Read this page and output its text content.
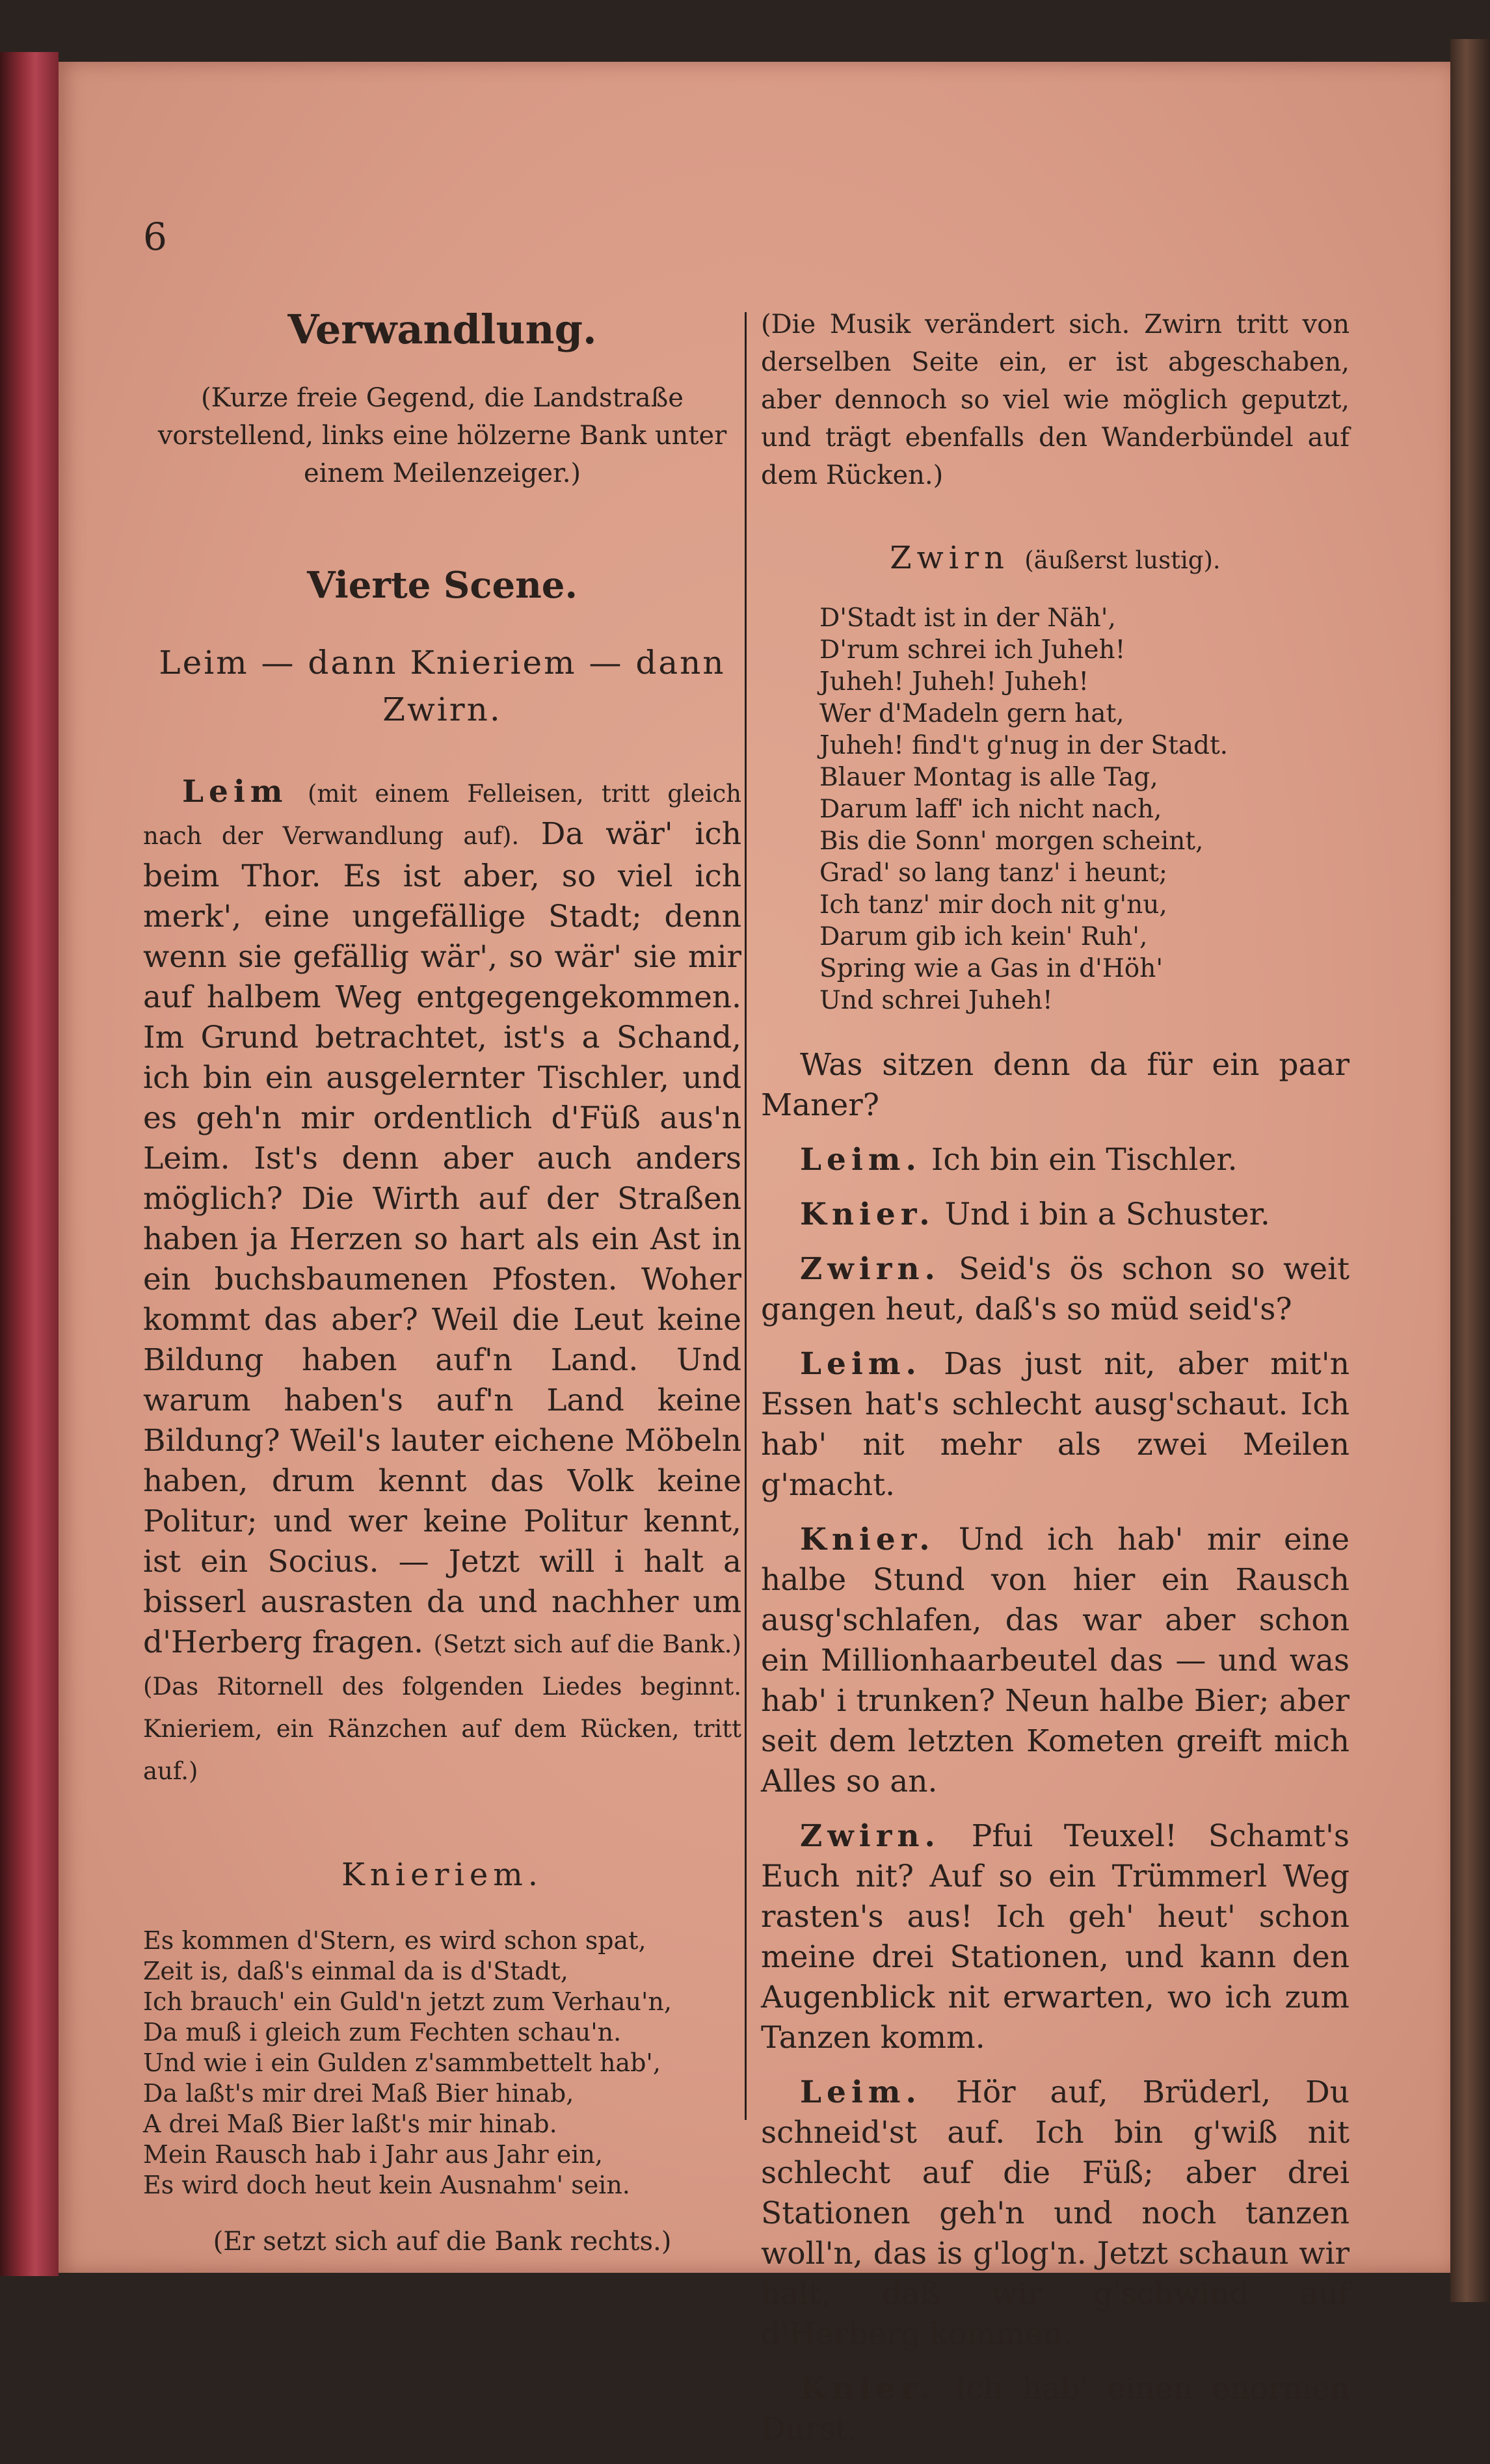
6
Verwandlung.

(Kurze freie Gegend, die Landstraße vorstellend, links eine hölzerne Bank unter einem Meilenzeiger.)

Vierte Scene.

Leim — dann Knieriem — dann Zwirn.

Leim (mit einem Felleisen, tritt gleich nach der Verwandlung auf). Da wär' ich beim Thor. Es ist aber, so viel ich merk', eine ungefällige Stadt; denn wenn sie gefällig wär', so wär' sie mir auf halbem Weg entgegengekommen. Im Grund betrachtet, ist's a Schand, ich bin ein ausgelernter Tischler, und es geh'n mir ordentlich d'Füß aus'n Leim. Ist's denn aber auch anders möglich? Die Wirth auf der Straßen haben ja Herzen so hart als ein Ast in ein buchsbaumenen Pfosten. Woher kommt das aber? Weil die Leut keine Bildung haben auf'n Land. Und warum haben's auf'n Land keine Bildung? Weil's lauter eichene Möbeln haben, drum kennt das Volk keine Politur; und wer keine Politur kennt, ist ein Socius. — Jetzt will i halt a bisserl ausrasten da und nachher um d'Herberg fragen. (Setzt sich auf die Bank.) (Das Ritornell des folgenden Liedes beginnt. Knieriem, ein Ränzchen auf dem Rücken, tritt auf.)

Knieriem.
Es kommen d'Stern, es wird schon spat,
Zeit is, daß's einmal da is d'Stadt,
Ich brauch' ein Guld'n jetzt zum Verhau'n,
Da muß i gleich zum Fechten schau'n.
Und wie i ein Gulden z'sammbettelt hab',
Da laßt's mir drei Maß Bier hinab,
A drei Maß Bier laßt's mir hinab.
Mein Rausch hab i Jahr aus Jahr ein,
Es wird doch heut kein Ausnahm' sein.
(Er setzt sich auf die Bank rechts.)

(Die Musik verändert sich. Zwirn tritt von derselben Seite ein, er ist abgeschaben, aber dennoch so viel wie möglich geputzt, und trägt ebenfalls den Wanderbündel auf dem Rücken.)

Zwirn (äußerst lustig).
D'Stadt ist in der Näh',
D'rum schrei ich Juheh!
Juheh! Juheh! Juheh!
Wer d'Madeln gern hat,
Juheh! find't g'nug in der Stadt.
Blauer Montag is alle Tag,
Darum laff' ich nicht nach,
Bis die Sonn' morgen scheint,
Grad' so lang tanz' i heunt;
Ich tanz' mir doch nit g'nu,
Darum gib ich kein' Ruh',
Spring wie a Gas in d'Höh'
Und schrei Juheh!

Was sitzen denn da für ein paar Maner?

Leim. Ich bin ein Tischler.

Knier. Und i bin a Schuster.

Zwirn. Seid's ös schon so weit gangen heut, daß's so müd seid's?

Leim. Das just nit, aber mit'n Essen hat's schlecht ausg'schaut. Ich hab' nit mehr als zwei Meilen g'macht.

Knier. Und ich hab' mir eine halbe Stund von hier ein Rausch ausg'schlafen, das war aber schon ein Millionhaarbeutel das — und was hab' i trunken? Neun halbe Bier; aber seit dem letzten Kometen greift mich Alles so an.

Zwirn. Pfui Teuxel! Schamt's Euch nit? Auf so ein Trümmerl Weg rasten's aus! Ich geh' heut' schon meine drei Stationen, und kann den Augenblick nit erwarten, wo ich zum Tanzen komm.

Leim. Hör auf, Brüderl, Du schneid'st auf. Ich bin g'wiß nit schlecht auf die Füß; aber drei Stationen geh'n und noch tanzen woll'n, das is g'log'n. Jetzt schaun wir halt, daß wir g'schwind auf d'Herberg kommen.

Knier. Ich hab' einen enormen Durst.
